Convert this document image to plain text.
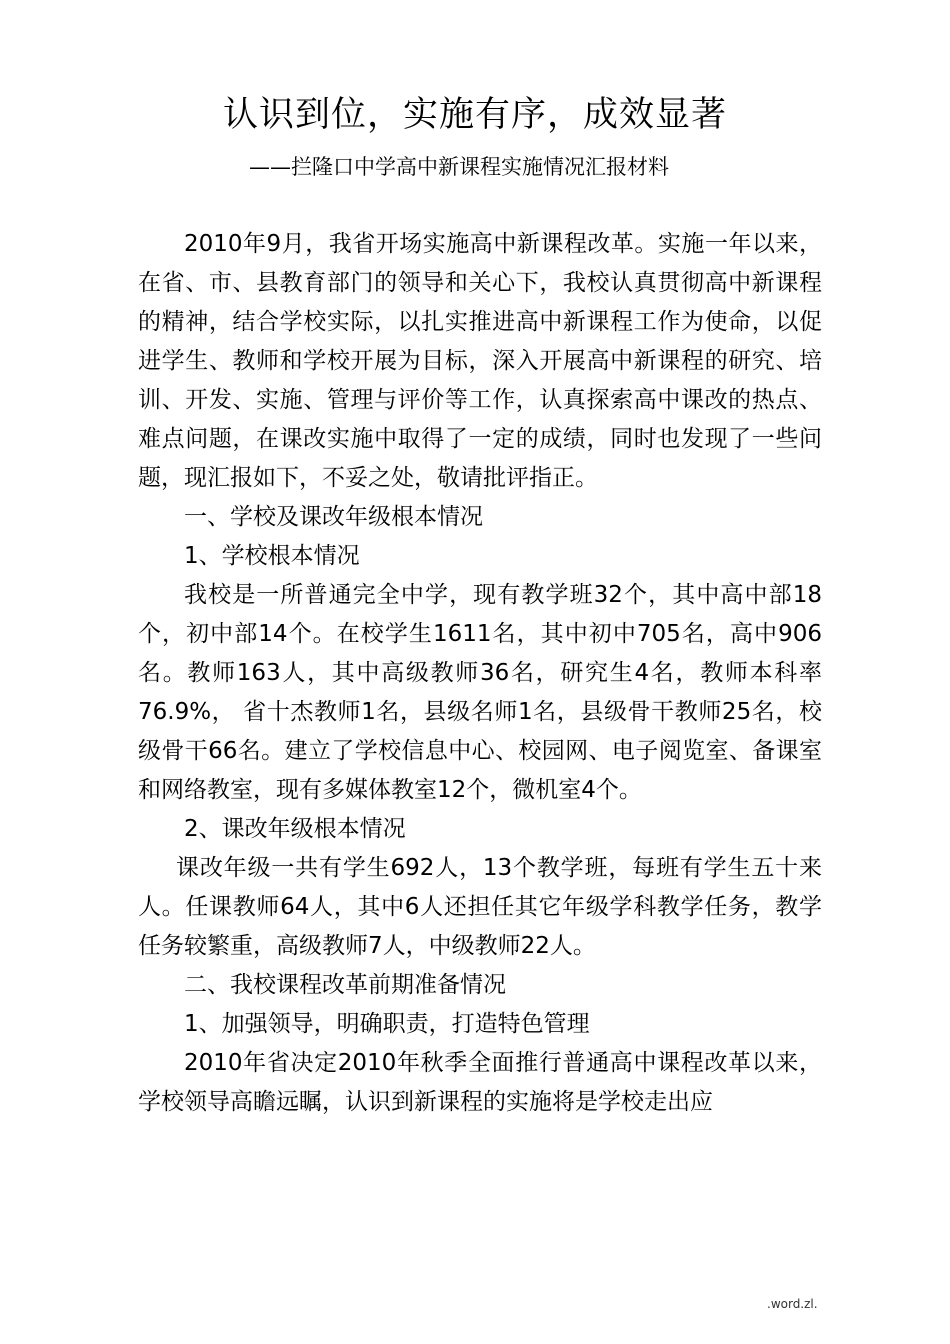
认识到位，实施有序，成效显著

——拦隆口中学高中新课程实施情况汇报材料

2010年9月，我省开场实施高中新课程改革。实施一年以来，在省、市、县教育部门的领导和关心下，我校认真贯彻高中新课程的精神，结合学校实际，以扎实推进高中新课程工作为使命，以促进学生、教师和学校开展为目标，深入开展高中新课程的研究、培训、开发、实施、管理与评价等工作，认真探索高中课改的热点、难点问题，在课改实施中取得了一定的成绩，同时也发现了一些问题，现汇报如下，不妥之处，敬请批评指正。

一、学校及课改年级根本情况

1、学校根本情况

我校是一所普通完全中学，现有教学班32个，其中高中部18个，初中部14个。在校学生1611名，其中初中705名，高中906名。教师163人，其中高级教师36名，研究生4名，教师本科率76.9%， 省十杰教师1名，县级名师1名，县级骨干教师25名，校级骨干66名。建立了学校信息中心、校园网、电子阅览室、备课室和网络教室，现有多媒体教室12个，微机室4个。

2、课改年级根本情况

课改年级一共有学生692人，13个教学班，每班有学生五十来人。任课教师64人，其中6人还担任其它年级学科教学任务，教学任务较繁重，高级教师7人，中级教师22人。

二、我校课程改革前期准备情况

1、加强领导，明确职责，打造特色管理

2010年省决定2010年秋季全面推行普通高中课程改革以来，学校领导高瞻远瞩，认识到新课程的实施将是学校走出应

.word.zl.
